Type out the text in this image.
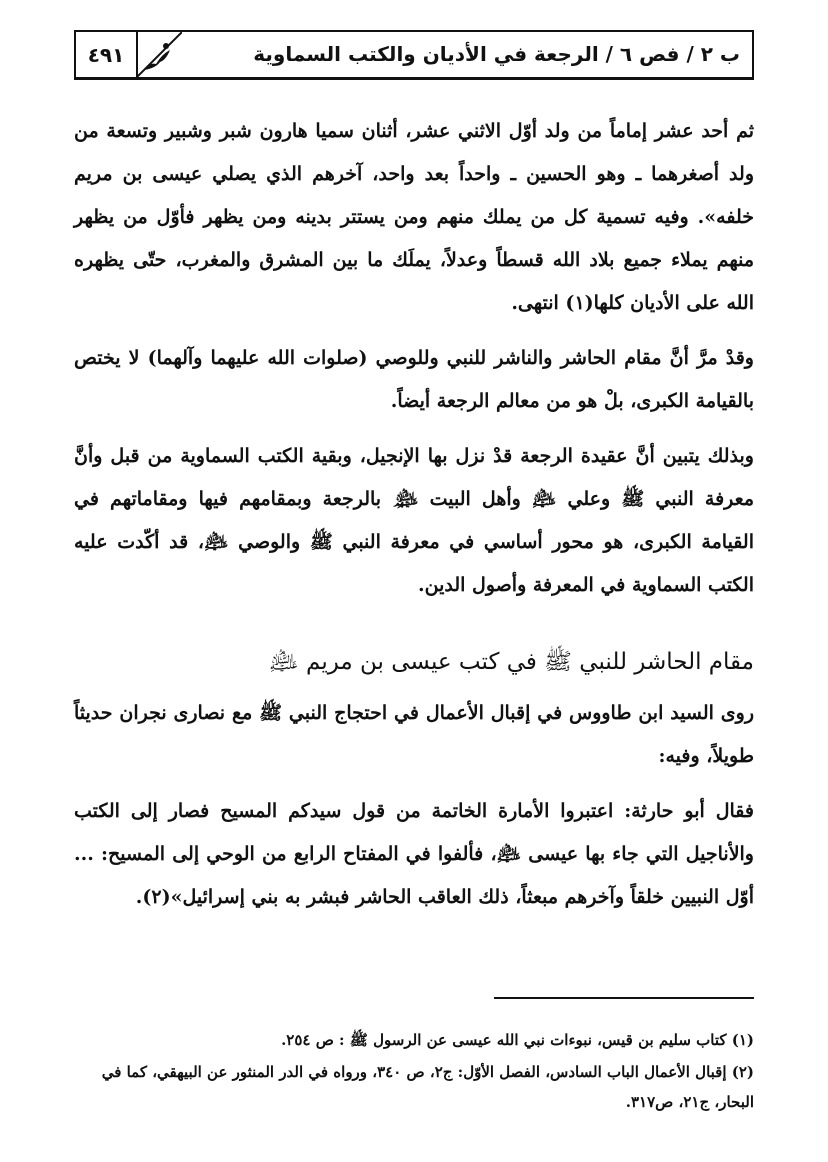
ب ٢ / فص ٦ / الرجعة في الأديان والكتب السماوية
٤٩١

ثم أحد عشر إماماً من ولد أوّل الاثني عشر، أثنان سميا هارون شبر وشبير وتسعة من ولد أصغرهما ـ وهو الحسين ـ واحداً بعد واحد، آخرهم الذي يصلي عيسى بن مريم خلفه». وفيه تسمية كل من يملك منهم ومن يستتر بدينه ومن يظهر فأوّل من يظهر منهم يملاء جميع بلاد الله قسطاً وعدلاً، يملَك ما بين المشرق والمغرب، حتّى يظهره الله على الأديان كلها(١) انتهى.

وقدْ مرَّ أنَّ مقام الحاشر والناشر للنبي وللوصي (صلوات الله عليهما وآلهما) لا يختص بالقيامة الكبرى، بلْ هو من معالم الرجعة أيضاً.

وبذلك يتبين أنَّ عقيدة الرجعة قدْ نزل بها الإنجيل، وبقية الكتب السماوية من قبل وأنَّ معرفة النبي ﷺ وعلي ﵇ وأهل البيت ﵈ بالرجعة وبمقامهم فيها ومقاماتهم في القيامة الكبرى، هو محور أساسي في معرفة النبي ﷺ والوصي ﵇، قد أكّدت عليه الكتب السماوية في المعرفة وأصول الدين.

مقام الحاشر للنبي ﷺ في كتب عيسى بن مريم ﵇

روى السيد ابن طاووس في إقبال الأعمال في احتجاج النبي ﷺ مع نصارى نجران حديثاً طويلاً، وفيه:

فقال أبو حارثة: اعتبروا الأمارة الخاتمة من قول سيدكم المسيح فصار إلى الكتب والأناجيل التي جاء بها عيسى ﵇، فألفوا في المفتاح الرابع من الوحي إلى المسيح: ... أوّل النبيين خلقاً وآخرهم مبعثاً، ذلك العاقب الحاشر فبشر به بني إسرائيل»(٢).

(١) كتاب سليم بن قيس، نبوءات نبي الله عيسى عن الرسول ﷺ : ص ٢٥٤.

(٢) إقبال الأعمال الباب السادس، الفصل الأوّل: ج٢، ص ٣٤٠، ورواه في الدر المنثور عن البيهقي، كما في البحار، ج٢١، ص٣١٧.
